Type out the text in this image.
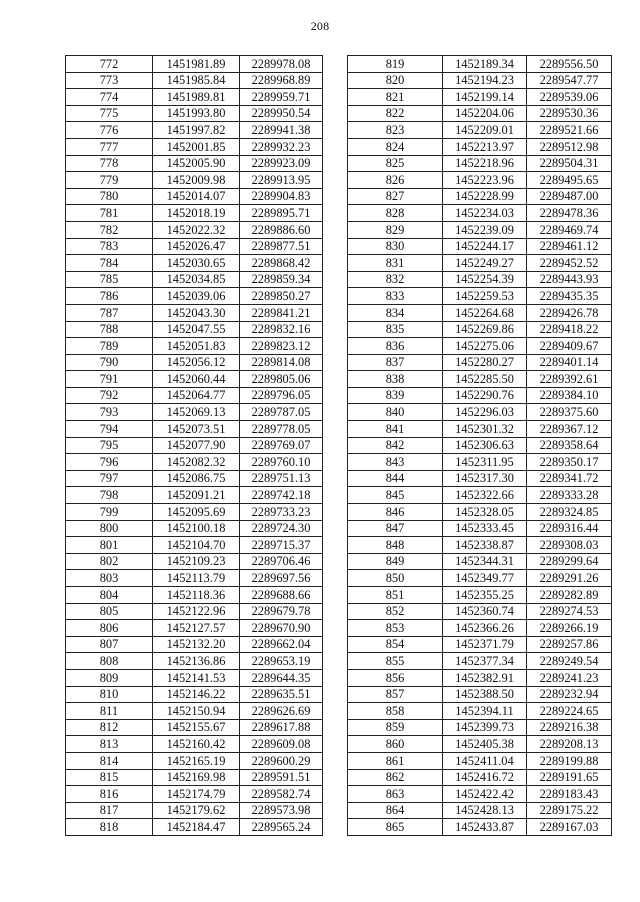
208
772	1451981.89	2289978.08
773	1451985.84	2289968.89
774	1451989.81	2289959.71
775	1451993.80	2289950.54
776	1451997.82	2289941.38
777	1452001.85	2289932.23
778	1452005.90	2289923.09
779	1452009.98	2289913.95
780	1452014.07	2289904.83
781	1452018.19	2289895.71
782	1452022.32	2289886.60
783	1452026.47	2289877.51
784	1452030.65	2289868.42
785	1452034.85	2289859.34
786	1452039.06	2289850.27
787	1452043.30	2289841.21
788	1452047.55	2289832.16
789	1452051.83	2289823.12
790	1452056.12	2289814.08
791	1452060.44	2289805.06
792	1452064.77	2289796.05
793	1452069.13	2289787.05
794	1452073.51	2289778.05
795	1452077.90	2289769.07
796	1452082.32	2289760.10
797	1452086.75	2289751.13
798	1452091.21	2289742.18
799	1452095.69	2289733.23
800	1452100.18	2289724.30
801	1452104.70	2289715.37
802	1452109.23	2289706.46
803	1452113.79	2289697.56
804	1452118.36	2289688.66
805	1452122.96	2289679.78
806	1452127.57	2289670.90
807	1452132.20	2289662.04
808	1452136.86	2289653.19
809	1452141.53	2289644.35
810	1452146.22	2289635.51
811	1452150.94	2289626.69
812	1452155.67	2289617.88
813	1452160.42	2289609.08
814	1452165.19	2289600.29
815	1452169.98	2289591.51
816	1452174.79	2289582.74
817	1452179.62	2289573.98
818	1452184.47	2289565.24
819	1452189.34	2289556.50
820	1452194.23	2289547.77
821	1452199.14	2289539.06
822	1452204.06	2289530.36
823	1452209.01	2289521.66
824	1452213.97	2289512.98
825	1452218.96	2289504.31
826	1452223.96	2289495.65
827	1452228.99	2289487.00
828	1452234.03	2289478.36
829	1452239.09	2289469.74
830	1452244.17	2289461.12
831	1452249.27	2289452.52
832	1452254.39	2289443.93
833	1452259.53	2289435.35
834	1452264.68	2289426.78
835	1452269.86	2289418.22
836	1452275.06	2289409.67
837	1452280.27	2289401.14
838	1452285.50	2289392.61
839	1452290.76	2289384.10
840	1452296.03	2289375.60
841	1452301.32	2289367.12
842	1452306.63	2289358.64
843	1452311.95	2289350.17
844	1452317.30	2289341.72
845	1452322.66	2289333.28
846	1452328.05	2289324.85
847	1452333.45	2289316.44
848	1452338.87	2289308.03
849	1452344.31	2289299.64
850	1452349.77	2289291.26
851	1452355.25	2289282.89
852	1452360.74	2289274.53
853	1452366.26	2289266.19
854	1452371.79	2289257.86
855	1452377.34	2289249.54
856	1452382.91	2289241.23
857	1452388.50	2289232.94
858	1452394.11	2289224.65
859	1452399.73	2289216.38
860	1452405.38	2289208.13
861	1452411.04	2289199.88
862	1452416.72	2289191.65
863	1452422.42	2289183.43
864	1452428.13	2289175.22
865	1452433.87	2289167.03
